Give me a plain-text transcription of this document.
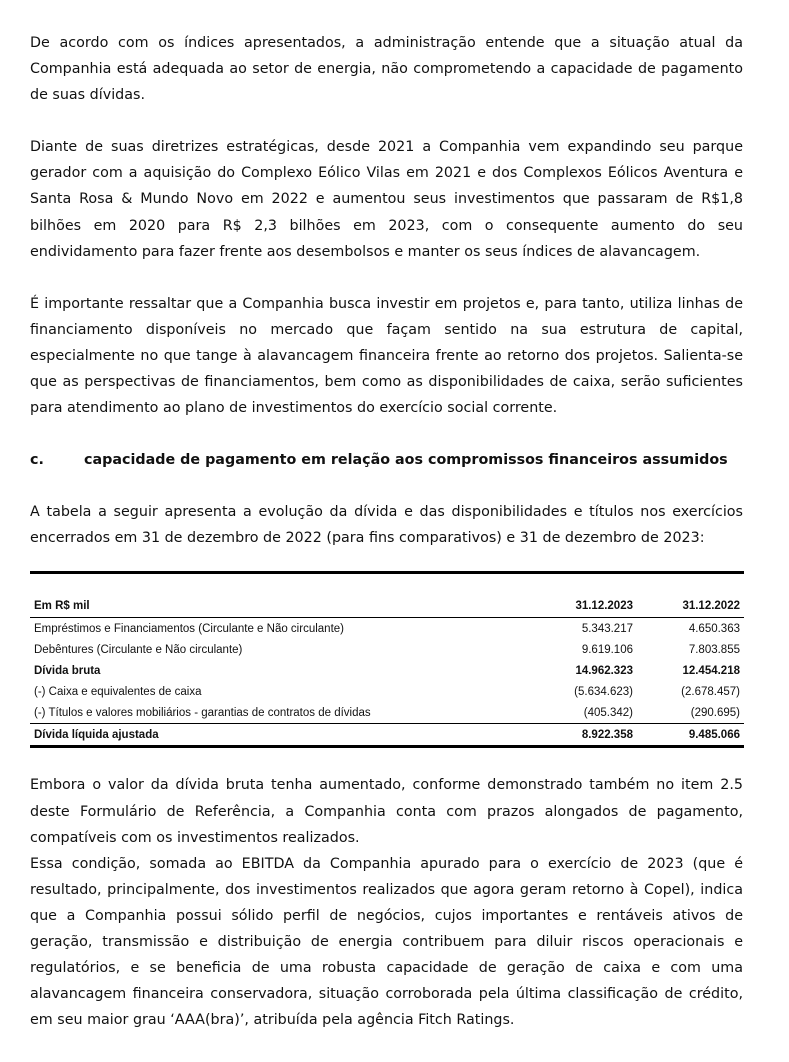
De acordo com os índices apresentados, a administração entende que a situação atual da Companhia está adequada ao setor de energia, não comprometendo a capacidade de pagamento de suas dívidas.

Diante de suas diretrizes estratégicas, desde 2021 a Companhia vem expandindo seu parque gerador com a aquisição do Complexo Eólico Vilas em 2021 e dos Complexos Eólicos Aventura e Santa Rosa & Mundo Novo em 2022 e aumentou seus investimentos que passaram de R$1,8 bilhões em 2020 para R$ 2,3 bilhões em 2023, com o consequente aumento do seu endividamento para fazer frente aos desembolsos e manter os seus índices de alavancagem.

É importante ressaltar que a Companhia busca investir em projetos e, para tanto, utiliza linhas de financiamento disponíveis no mercado que façam sentido na sua estrutura de capital, especialmente no que tange à alavancagem financeira frente ao retorno dos projetos. Salienta-se que as perspectivas de financiamentos, bem como as disponibilidades de caixa, serão suficientes para atendimento ao plano de investimentos do exercício social corrente.

c.	capacidade de pagamento em relação aos compromissos financeiros assumidos

A tabela a seguir apresenta a evolução da dívida e das disponibilidades e títulos nos exercícios encerrados em 31 de dezembro de 2022 (para fins comparativos) e 31 de dezembro de 2023:

Em R$ mil	31.12.2023	31.12.2022
Empréstimos e Financiamentos (Circulante e Não circulante)	5.343.217	4.650.363
Debêntures (Circulante e Não circulante)	9.619.106	7.803.855
Dívida bruta	14.962.323	12.454.218
(-) Caixa e equivalentes de caixa	(5.634.623)	(2.678.457)
(-) Títulos e valores mobiliários - garantias de contratos de dívidas	(405.342)	(290.695)
Dívida líquida ajustada	8.922.358	9.485.066

Embora o valor da dívida bruta tenha aumentado, conforme demonstrado também no item 2.5 deste Formulário de Referência, a Companhia conta com prazos alongados de pagamento, compatíveis com os investimentos realizados.

Essa condição, somada ao EBITDA da Companhia apurado para o exercício de 2023 (que é resultado, principalmente, dos investimentos realizados que agora geram retorno à Copel), indica que a Companhia possui sólido perfil de negócios, cujos importantes e rentáveis ativos de geração, transmissão e distribuição de energia contribuem para diluir riscos operacionais e regulatórios, e se beneficia de uma robusta capacidade de geração de caixa e com uma alavancagem financeira conservadora, situação corroborada pela última classificação de crédito, em seu maior grau ‘AAA(bra)’, atribuída pela agência Fitch Ratings.
